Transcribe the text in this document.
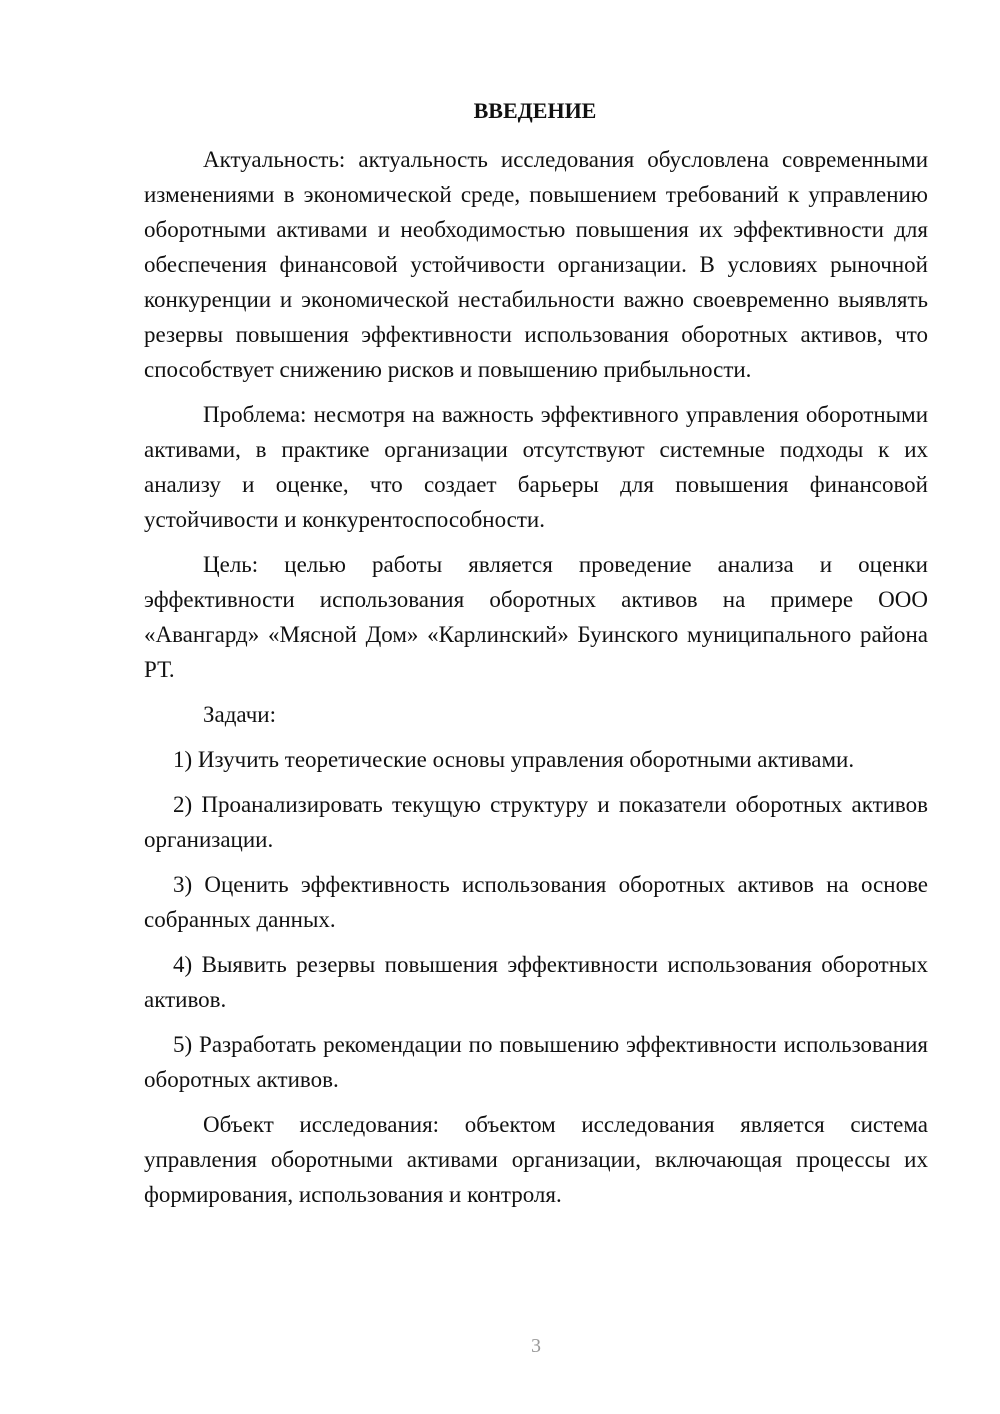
ВВЕДЕНИЕ

Актуальность: актуальность исследования обусловлена современными изменениями в экономической среде, повышением требований к управлению оборотными активами и необходимостью повышения их эффективности для обеспечения финансовой устойчивости организации. В условиях рыночной конкуренции и экономической нестабильности важно своевременно выявлять резервы повышения эффективности использования оборотных активов, что способствует снижению рисков и повышению прибыльности.

Проблема: несмотря на важность эффективного управления оборотными активами, в практике организации отсутствуют системные подходы к их анализу и оценке, что создает барьеры для повышения финансовой устойчивости и конкурентоспособности.

Цель: целью работы является проведение анализа и оценки эффективности использования оборотных активов на примере ООО «Авангард» «Мясной Дом» «Карлинский» Буинского муниципального района РТ.

Задачи:

1) Изучить теоретические основы управления оборотными активами.

2) Проанализировать текущую структуру и показатели оборотных активов организации.

3) Оценить эффективность использования оборотных активов на основе собранных данных.

4) Выявить резервы повышения эффективности использования оборотных активов.

5) Разработать рекомендации по повышению эффективности использования оборотных активов.

Объект исследования: объектом исследования является система управления оборотными активами организации, включающая процессы их формирования, использования и контроля.

3
